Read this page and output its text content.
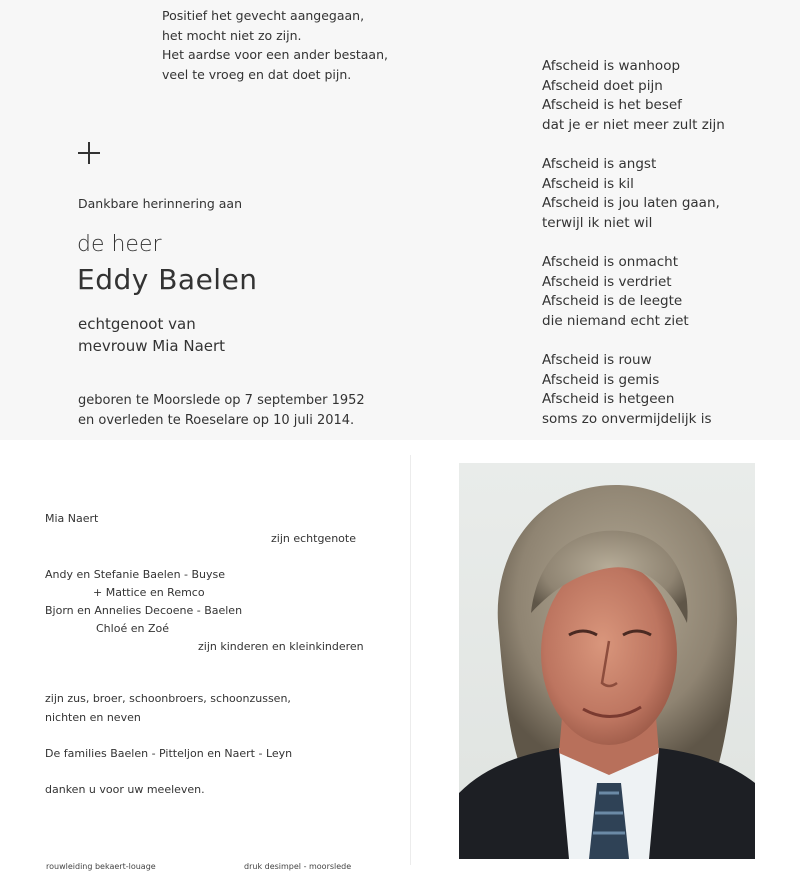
Positief het gevecht aangegaan,
het mocht niet zo zijn.
Het aardse voor een ander bestaan,
veel te vroeg en dat doet pijn.
Dankbare herinnering aan
de heer
Eddy Baelen
echtgenoot van
mevrouw Mia Naert
geboren te Moorslede op 7 september 1952
en overleden te Roeselare op 10 juli 2014.
Afscheid is wanhoop
Afscheid doet pijn
Afscheid is het besef
dat je er niet meer zult zijn
Afscheid is angst
Afscheid is kil
Afscheid is jou laten gaan,
terwijl ik niet wil
Afscheid is onmacht
Afscheid is verdriet
Afscheid is de leegte
die niemand echt ziet
Afscheid is rouw
Afscheid is gemis
Afscheid is hetgeen
soms zo onvermijdelijk is
Mia Naert
zijn echtgenote
Andy en Stefanie Baelen - Buyse
+ Mattice en Remco
Bjorn en Annelies Decoene - Baelen
Chloé en Zoé
zijn kinderen en kleinkinderen
zijn zus, broer, schoonbroers, schoonzussen,
nichten en neven
De families Baelen - Pitteljon en Naert - Leyn
danken u voor uw meeleven.
rouwleiding bekaert-louage	druk desimpel - moorslede
